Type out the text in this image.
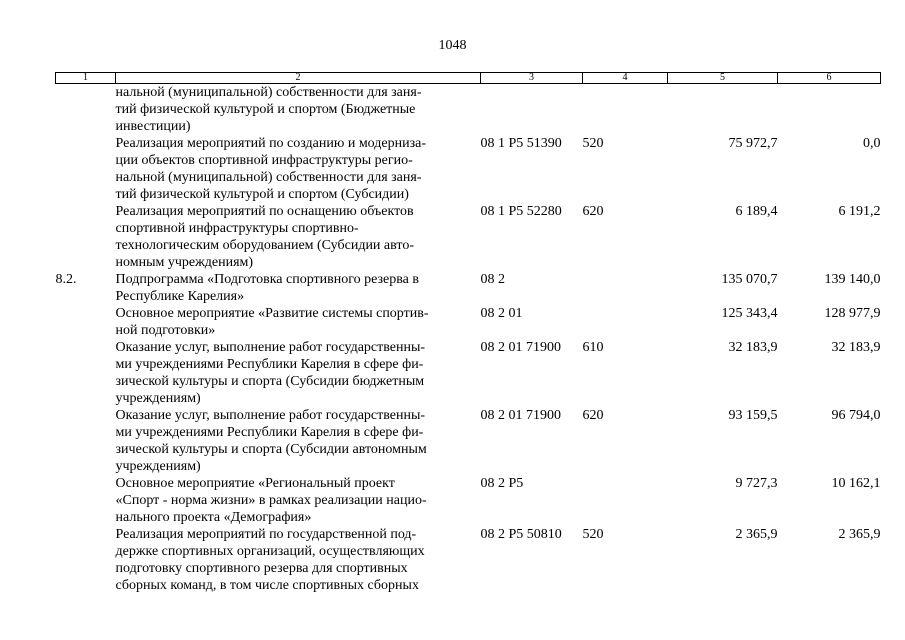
1048
1	2	3	4	5	6

	нальной (муниципальной) собственности для заня-
тий физической культурой и спортом (Бюджетные
инвестиции)				

	Реализация мероприятий по созданию и модерниза-
ции объектов спортивной инфраструктуры регио-
нальной (муниципальной) собственности для заня-
тий физической культурой и спортом (Субсидии)	08 1 P5 51390	520	75 972,7	0,0

	Реализация мероприятий по оснащению объектов
спортивной инфраструктуры спортивно-
технологическим оборудованием (Субсидии авто-
номным учреждениям)	08 1 P5 52280	620	6 189,4	6 191,2
8.2.	Подпрограмма «Подготовка спортивного резерва в
Республике Карелия»	08 2		135 070,7	139 140,0

	Основное мероприятие «Развитие системы спортив-
ной подготовки»	08 2 01		125 343,4	128 977,9

	Оказание услуг, выполнение работ государственны-
ми учреждениями Республики Карелия в сфере фи-
зической культуры и спорта (Субсидии бюджетным
учреждениям)	08 2 01 71900	610	32 183,9	32 183,9

	Оказание услуг, выполнение работ государственны-
ми учреждениями Республики Карелия в сфере фи-
зической культуры и спорта (Субсидии автономным
учреждениям)	08 2 01 71900	620	93 159,5	96 794,0

	Основное мероприятие «Региональный проект
«Спорт - норма жизни» в рамках реализации нацио-
нального проекта «Демография»	08 2 P5		9 727,3	10 162,1

	Реализация мероприятий по государственной под-
держке спортивных организаций, осуществляющих
подготовку спортивного резерва для спортивных
сборных команд, в том числе спортивных сборных	08 2 P5 50810	520	2 365,9	2 365,9
